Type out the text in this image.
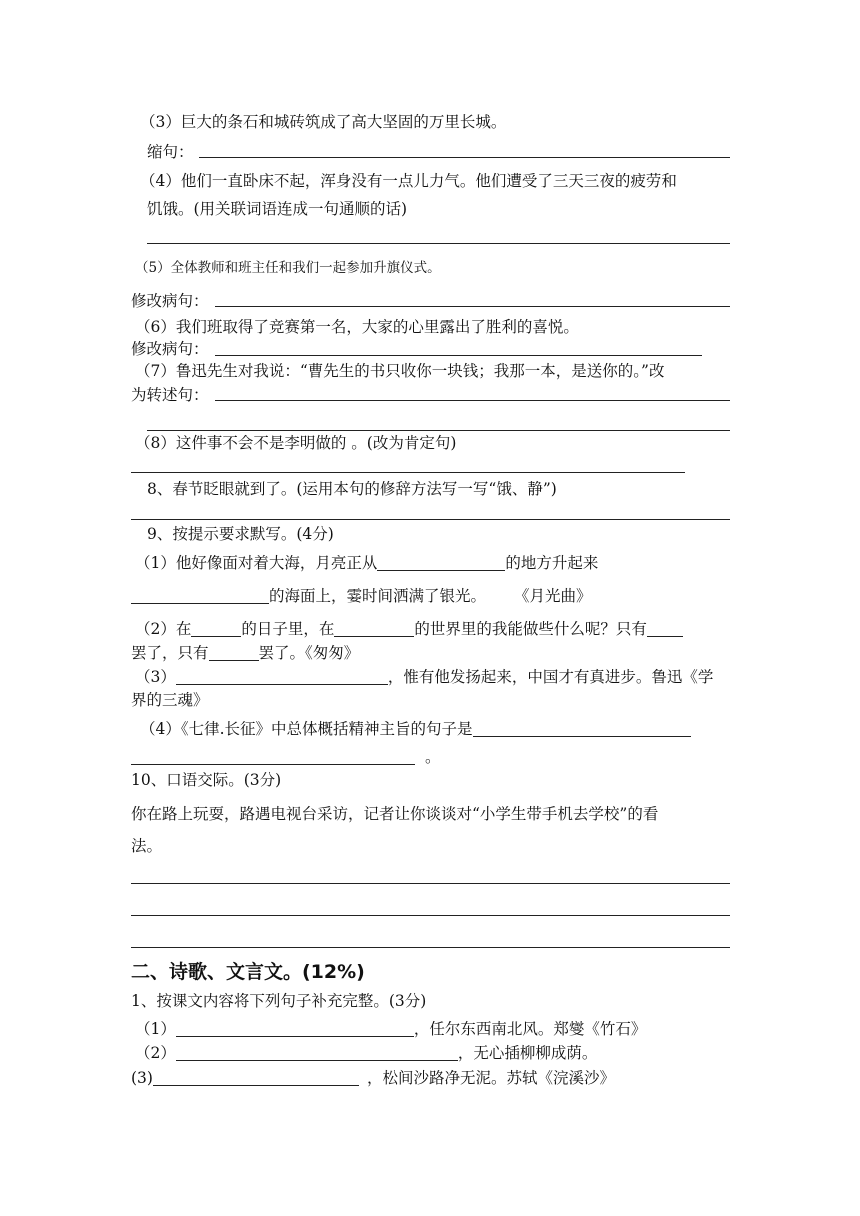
（3）巨大的条石和城砖筑成了高大坚固的万里长城。
缩句：
（4）他们一直卧床不起，浑身没有一点儿力气。他们遭受了三天三夜的疲劳和
饥饿。(用关联词语连成一句通顺的话)
（5）全体教师和班主任和我们一起参加升旗仪式。
修改病句：
（6）我们班取得了竞赛第一名，大家的心里露出了胜利的喜悦。
修改病句：
（7）鲁迅先生对我说：“曹先生的书只收你一块钱；我那一本，是送你的。”改
为转述句：
（8）这件事不会不是李明做的 。(改为肯定句)
8、春节眨眼就到了。(运用本句的修辞方法写一写“饿、静”)
9、按提示要求默写。(4分)
（1）他好像面对着大海，月亮正从	的地方升起来
的海面上，霎时间洒满了银光。 《月光曲》
（2）在	的日子里，在	的世界里的我能做些什么呢？只有
罢了，只有	罢了。《匆匆》
（3）	，惟有他发扬起来，中国才有真进步。鲁迅《学
界的三魂》
（4）《七律.长征》中总体概括精神主旨的句子是
。
10、口语交际。(3分)
你在路上玩耍，路遇电视台采访，记者让你谈谈对“小学生带手机去学校”的看
法。
二、诗歌、文言文。(12%)
1、按课文内容将下列句子补充完整。(3分)
（1）	，任尔东西南北风。郑燮《竹石》
（2）	，无心插柳柳成荫。
(3)	，松间沙路净无泥。苏轼《浣溪沙》
